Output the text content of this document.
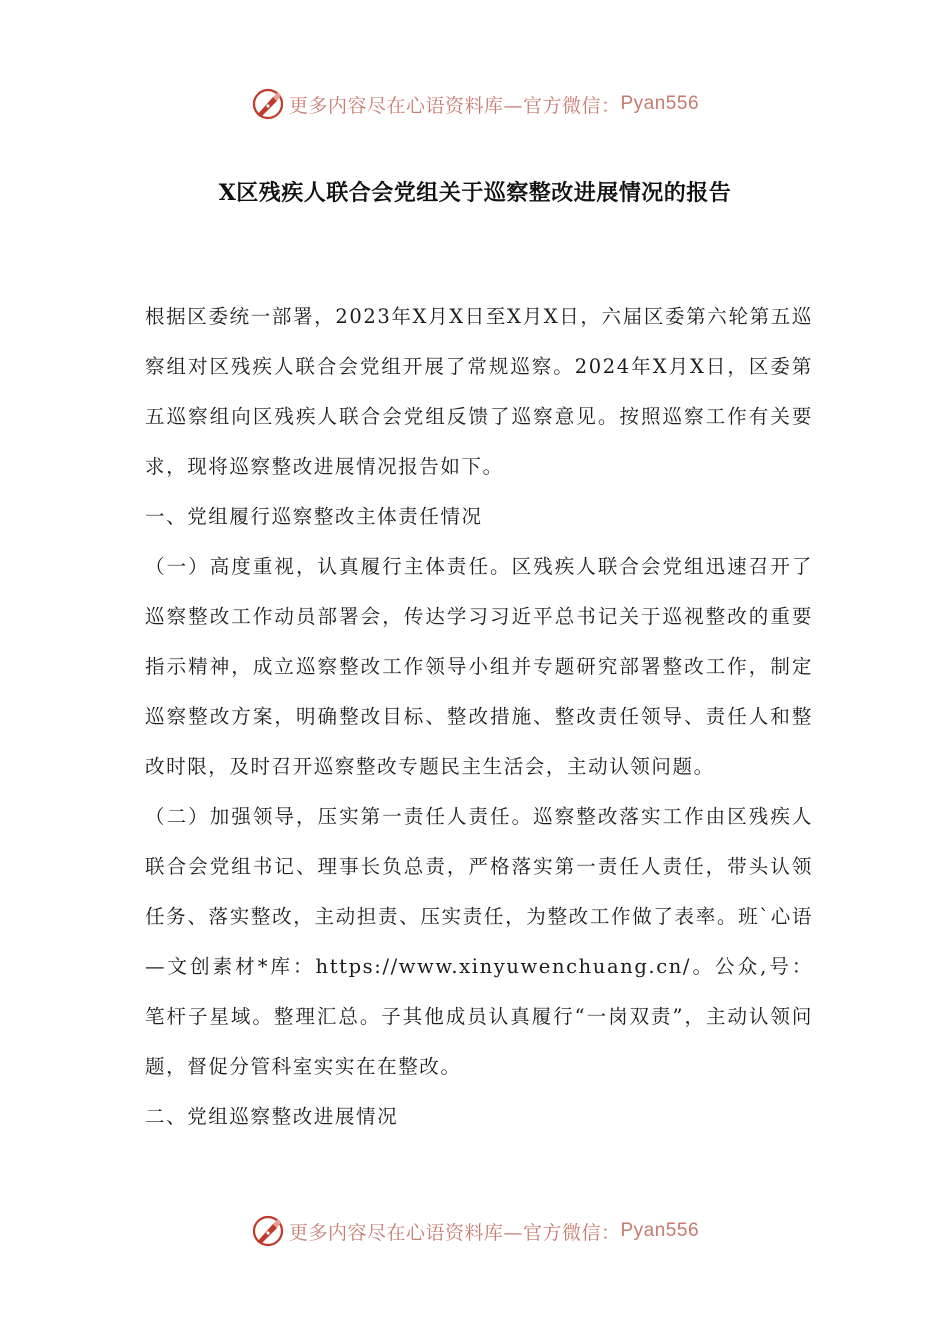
更多内容尽在心语资料库—官方微信： Pyan556
X区残疾人联合会党组关于巡察整改进展情况的报告

根据区委统一部署，2023年X月X日至X月X日，六届区委第六轮第五巡察组对区残疾人联合会党组开展了常规巡察。2024年X月X日，区委第五巡察组向区残疾人联合会党组反馈了巡察意见。按照巡察工作有关要求，现将巡察整改进展情况报告如下。

一、党组履行巡察整改主体责任情况

（一）高度重视，认真履行主体责任。区残疾人联合会党组迅速召开了巡察整改工作动员部署会，传达学习习近平总书记关于巡视整改的重要指示精神，成立巡察整改工作领导小组并专题研究部署整改工作，制定巡察整改方案，明确整改目标、整改措施、整改责任领导、责任人和整改时限，及时召开巡察整改专题民主生活会，主动认领问题。

（二）加强领导，压实第一责任人责任。巡察整改落实工作由区残疾人联合会党组书记、理事长负总责，严格落实第一责任人责任，带头认领任务、落实整改，主动担责、压实责任，为整改工作做了表率。班`心语—文创素材*库：https://www.xinyuwenchuang.cn/。公众,号：笔杆子星域。整理汇总。子其他成员认真履行“一岗双责”，主动认领问题，督促分管科室实实在在整改。

二、党组巡察整改进展情况

更多内容尽在心语资料库—官方微信： Pyan556
